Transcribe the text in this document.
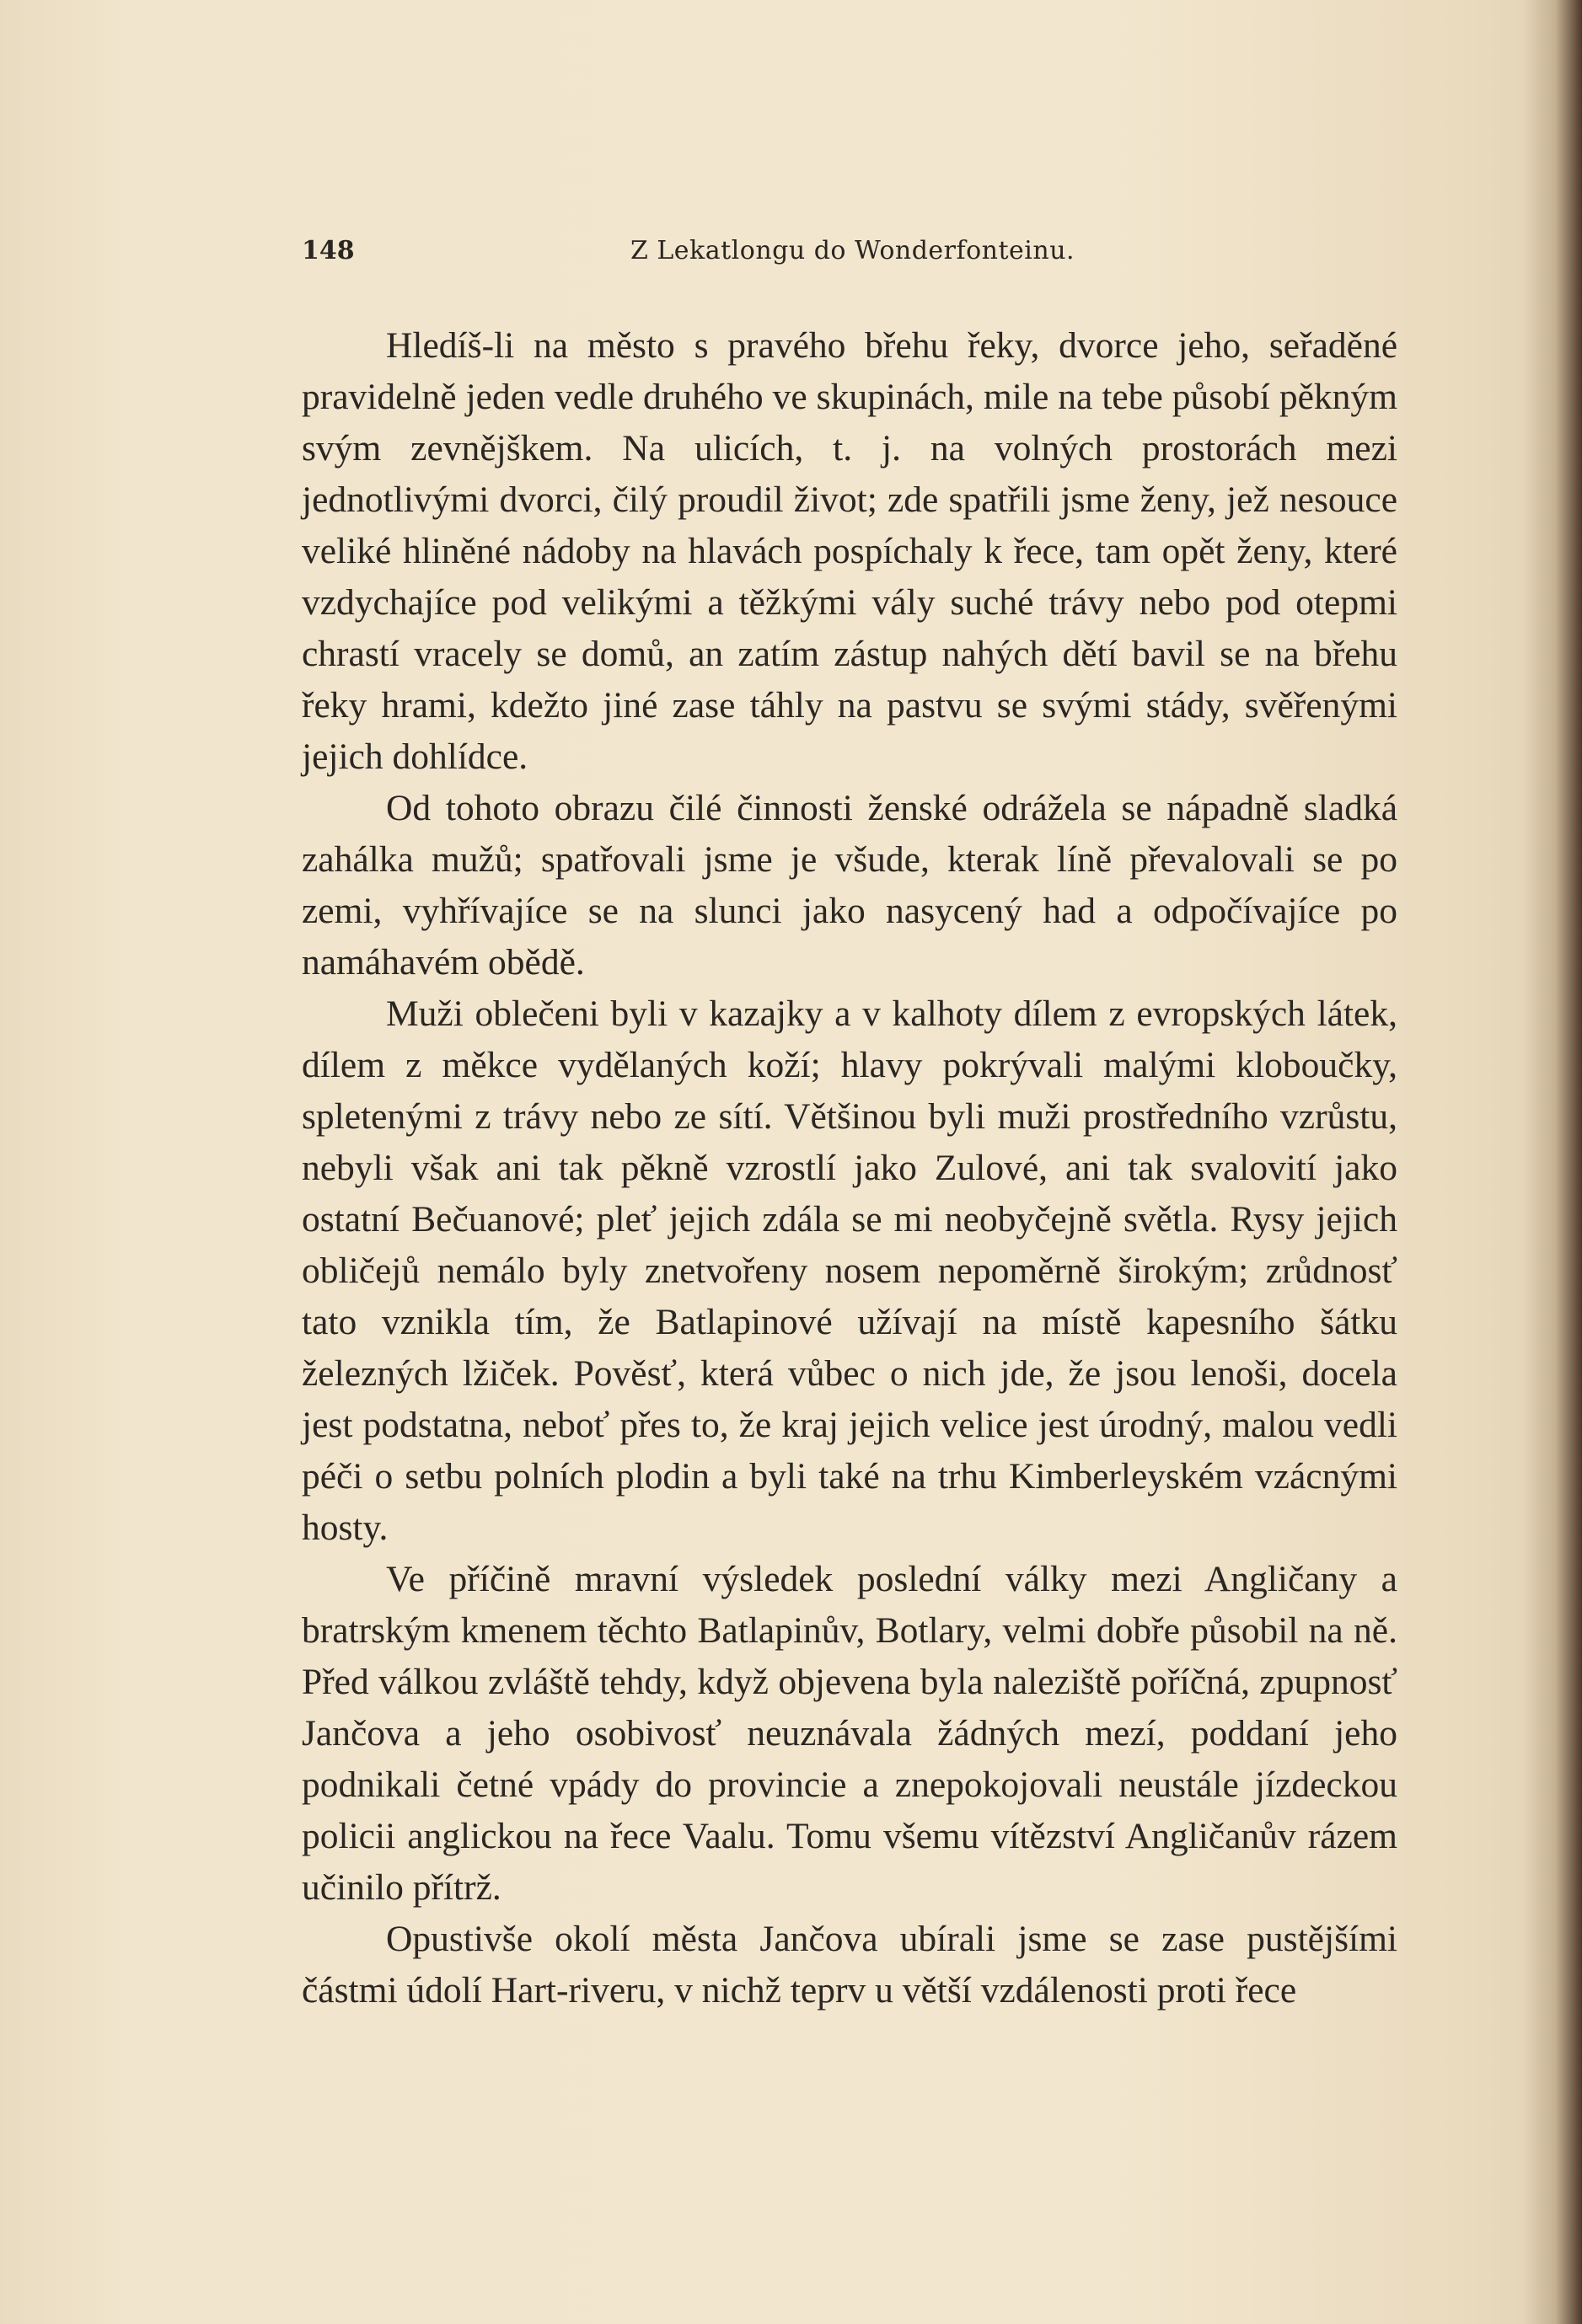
148	Z Lekatlongu do Wonderfonteinu.

Hledíš-li na město s pravého břehu řeky, dvorce jeho, seřaděné pravidelně jeden vedle druhého ve skupinách, mile na tebe působí pěkným svým zevnějškem. Na ulicích, t. j. na volných prostorách mezi jednotlivými dvorci, čilý proudil život; zde spatřili jsme ženy, jež nesouce veliké hliněné nádoby na hlavách pospíchaly k řece, tam opět ženy, které vzdychajíce pod velikými a těžkými vály suché trávy nebo pod otepmi chrastí vracely se domů, an zatím zástup nahých dětí bavil se na břehu řeky hrami, kdežto jiné zase táhly na pastvu se svými stády, svěřenými jejich dohlídce.

Od tohoto obrazu čilé činnosti ženské odrážela se nápadně sladká zahálka mužů; spatřovali jsme je všude, kterak líně převalovali se po zemi, vyhřívajíce se na slunci jako nasycený had a odpočívajíce po namáhavém obědě.

Muži oblečeni byli v kazajky a v kalhoty dílem z evropských látek, dílem z měkce vydělaných koží; hlavy pokrývali malými kloboučky, spletenými z trávy nebo ze sítí. Většinou byli muži prostředního vzrůstu, nebyli však ani tak pěkně vzrostlí jako Zulové, ani tak svalovití jako ostatní Bečuanové; pleť jejich zdála se mi neobyčejně světla. Rysy jejich obličejů nemálo byly znetvořeny nosem nepoměrně širokým; zrůdnosť tato vznikla tím, že Batlapinové užívají na místě kapesního šátku železných lžiček. Pověsť, která vůbec o nich jde, že jsou lenoši, docela jest podstatna, neboť přes to, že kraj jejich velice jest úrodný, malou vedli péči o setbu polních plodin a byli také na trhu Kimberleyském vzácnými hosty.

Ve příčině mravní výsledek poslední války mezi Angličany a bratrským kmenem těchto Batlapinův, Botlary, velmi dobře působil na ně. Před válkou zvláště tehdy, když objevena byla naleziště poříčná, zpupnosť Jančova a jeho osobivosť neuznávala žádných mezí, poddaní jeho podnikali četné vpády do provincie a znepokojovali neustále jízdeckou policii anglickou na řece Vaalu. Tomu všemu vítězství Angličanův rázem učinilo přítrž.

Opustivše okolí města Jančova ubírali jsme se zase pustějšími částmi údolí Hart-riveru, v nichž teprv u větší vzdálenosti proti řece
